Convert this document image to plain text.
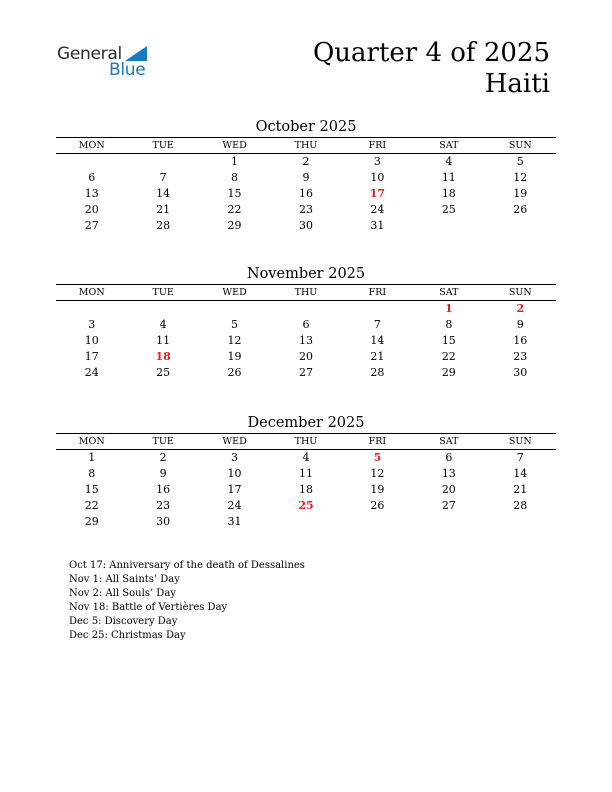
General
Blue
Quarter 4 of 2025
Haiti
October 2025
MON	TUE	WED	THU	FRI	SAT	SUN
		1	2	3	4	5
6	7	8	9	10	11	12
13	14	15	16	17	18	19
20	21	22	23	24	25	26
27	28	29	30	31		
November 2025
MON	TUE	WED	THU	FRI	SAT	SUN
					1	2
3	4	5	6	7	8	9
10	11	12	13	14	15	16
17	18	19	20	21	22	23
24	25	26	27	28	29	30
December 2025
MON	TUE	WED	THU	FRI	SAT	SUN
1	2	3	4	5	6	7
8	9	10	11	12	13	14
15	16	17	18	19	20	21
22	23	24	25	26	27	28
29	30	31				
Oct 17: Anniversary of the death of Dessalines
Nov 1: All Saints’ Day
Nov 2: All Souls’ Day
Nov 18: Battle of Vertières Day
Dec 5: Discovery Day
Dec 25: Christmas Day
